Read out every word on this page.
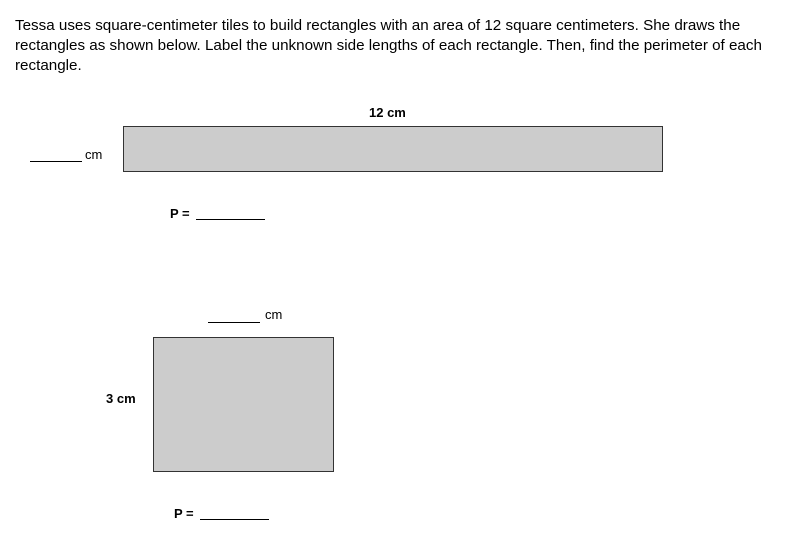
Tessa uses square-centimeter tiles to build rectangles with an area of 12 square centimeters. She draws the rectangles as shown below. Label the unknown side lengths of each rectangle. Then, find the perimeter of each rectangle.

12 cm
cm
P =
cm
3 cm
P =
